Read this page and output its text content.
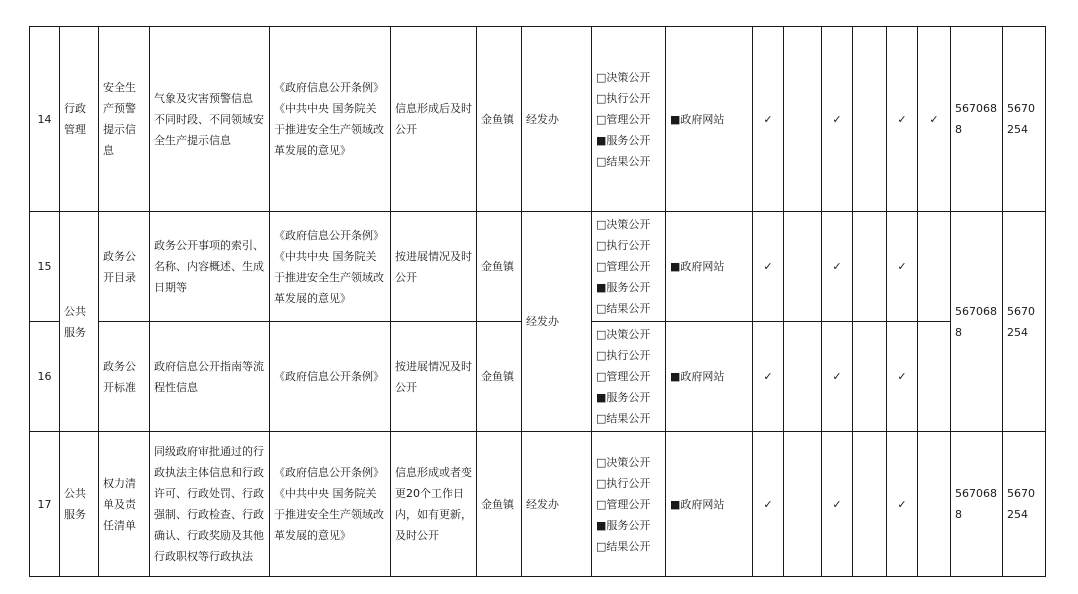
14	行政管理	安全生产预警提示信息	气象及灾害预警信息　　　　　　不同时段、不同领域安全生产提示信息	《政府信息公开条例》《中共中央 国务院关于推进安全生产领域改革发展的意见》	信息形成后及时公开	金鱼镇	经发办	□决策公开
□执行公开
□管理公开
■服务公开
□结果公开	■政府网站	✓		✓		✓	✓	5670688	5670254
15	公共服务	政务公开目录	政务公开事项的索引、名称、内容概述、生成日期等	《政府信息公开条例》《中共中央 国务院关于推进安全生产领域改革发展的意见》	按进展情况及时公开	金鱼镇	经发办	□决策公开
□执行公开
□管理公开
■服务公开
□结果公开	■政府网站	✓		✓		✓		5670688	5670254
16		政务公开标准	政府信息公开指南等流程性信息	《政府信息公开条例》	按进展情况及时公开	金鱼镇		□决策公开
□执行公开
□管理公开
■服务公开
□结果公开	■政府网站	✓		✓		✓			
17	公共服务	权力清单及责任清单	同级政府审批通过的行政执法主体信息和行政许可、行政处罚、行政强制、行政检查、行政确认、行政奖励及其他行政职权等行政执法	《政府信息公开条例》《中共中央 国务院关于推进安全生产领域改革发展的意见》	信息形成或者变更20个工作日内，如有更新，及时公开	金鱼镇	经发办	□决策公开
□执行公开
□管理公开
■服务公开
□结果公开	■政府网站	✓		✓		✓		5670688	5670254
